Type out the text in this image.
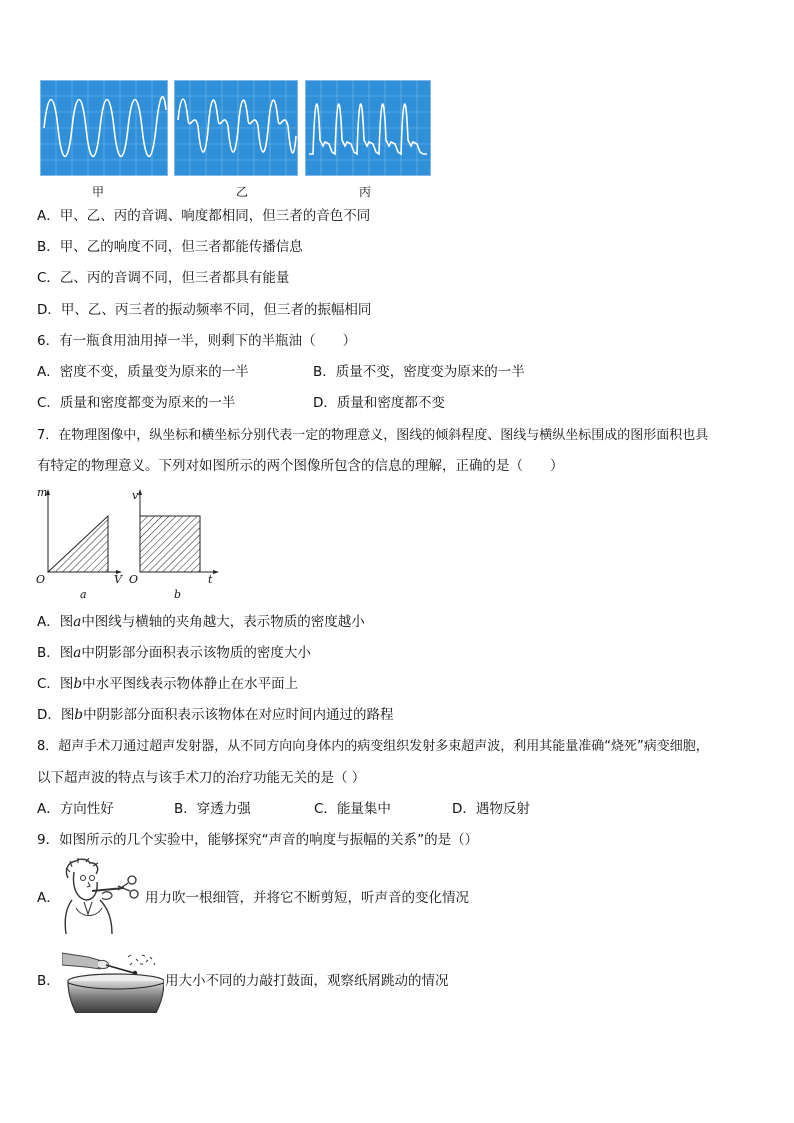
甲	乙	丙
A．甲、乙、丙的音调、响度都相同，但三者的音色不同
B．甲、乙的响度不同，但三者都能传播信息
C．乙、丙的音调不同，但三者都具有能量
D．甲、乙、丙三者的振动频率不同，但三者的振幅相同
6．有一瓶食用油用掉一半，则剩下的半瓶油（　　）
A．密度不变，质量变为原来的一半	B．质量不变，密度变为原来的一半
C．质量和密度都变为原来的一半	D．质量和密度都不变
7．在物理图像中，纵坐标和横坐标分别代表一定的物理意义，图线的倾斜程度、图线与横纵坐标围成的图形面积也具
有特定的物理意义。下列对如图所示的两个图像所包含的信息的理解，正确的是（　　）
m
O	V
a
v
O	t
b
A．图a中图线与横轴的夹角越大，表示物质的密度越小
B．图a中阴影部分面积表示该物质的密度大小
C．图b中水平图线表示物体静止在水平面上
D．图b中阴影部分面积表示该物体在对应时间内通过的路程
8．超声手术刀通过超声发射器，从不同方向向身体内的病变组织发射多束超声波，利用其能量准确“烧死”病变细胞，
以下超声波的特点与该手术刀的治疗功能无关的是（ ）
A．方向性好	B．穿透力强	C．能量集中	D．遇物反射
9．如图所示的几个实验中，能够探究“声音的响度与振幅的关系”的是（）
A．	用力吹一根细管，并将它不断剪短，听声音的变化情况
B．	用大小不同的力敲打鼓面，观察纸屑跳动的情况
